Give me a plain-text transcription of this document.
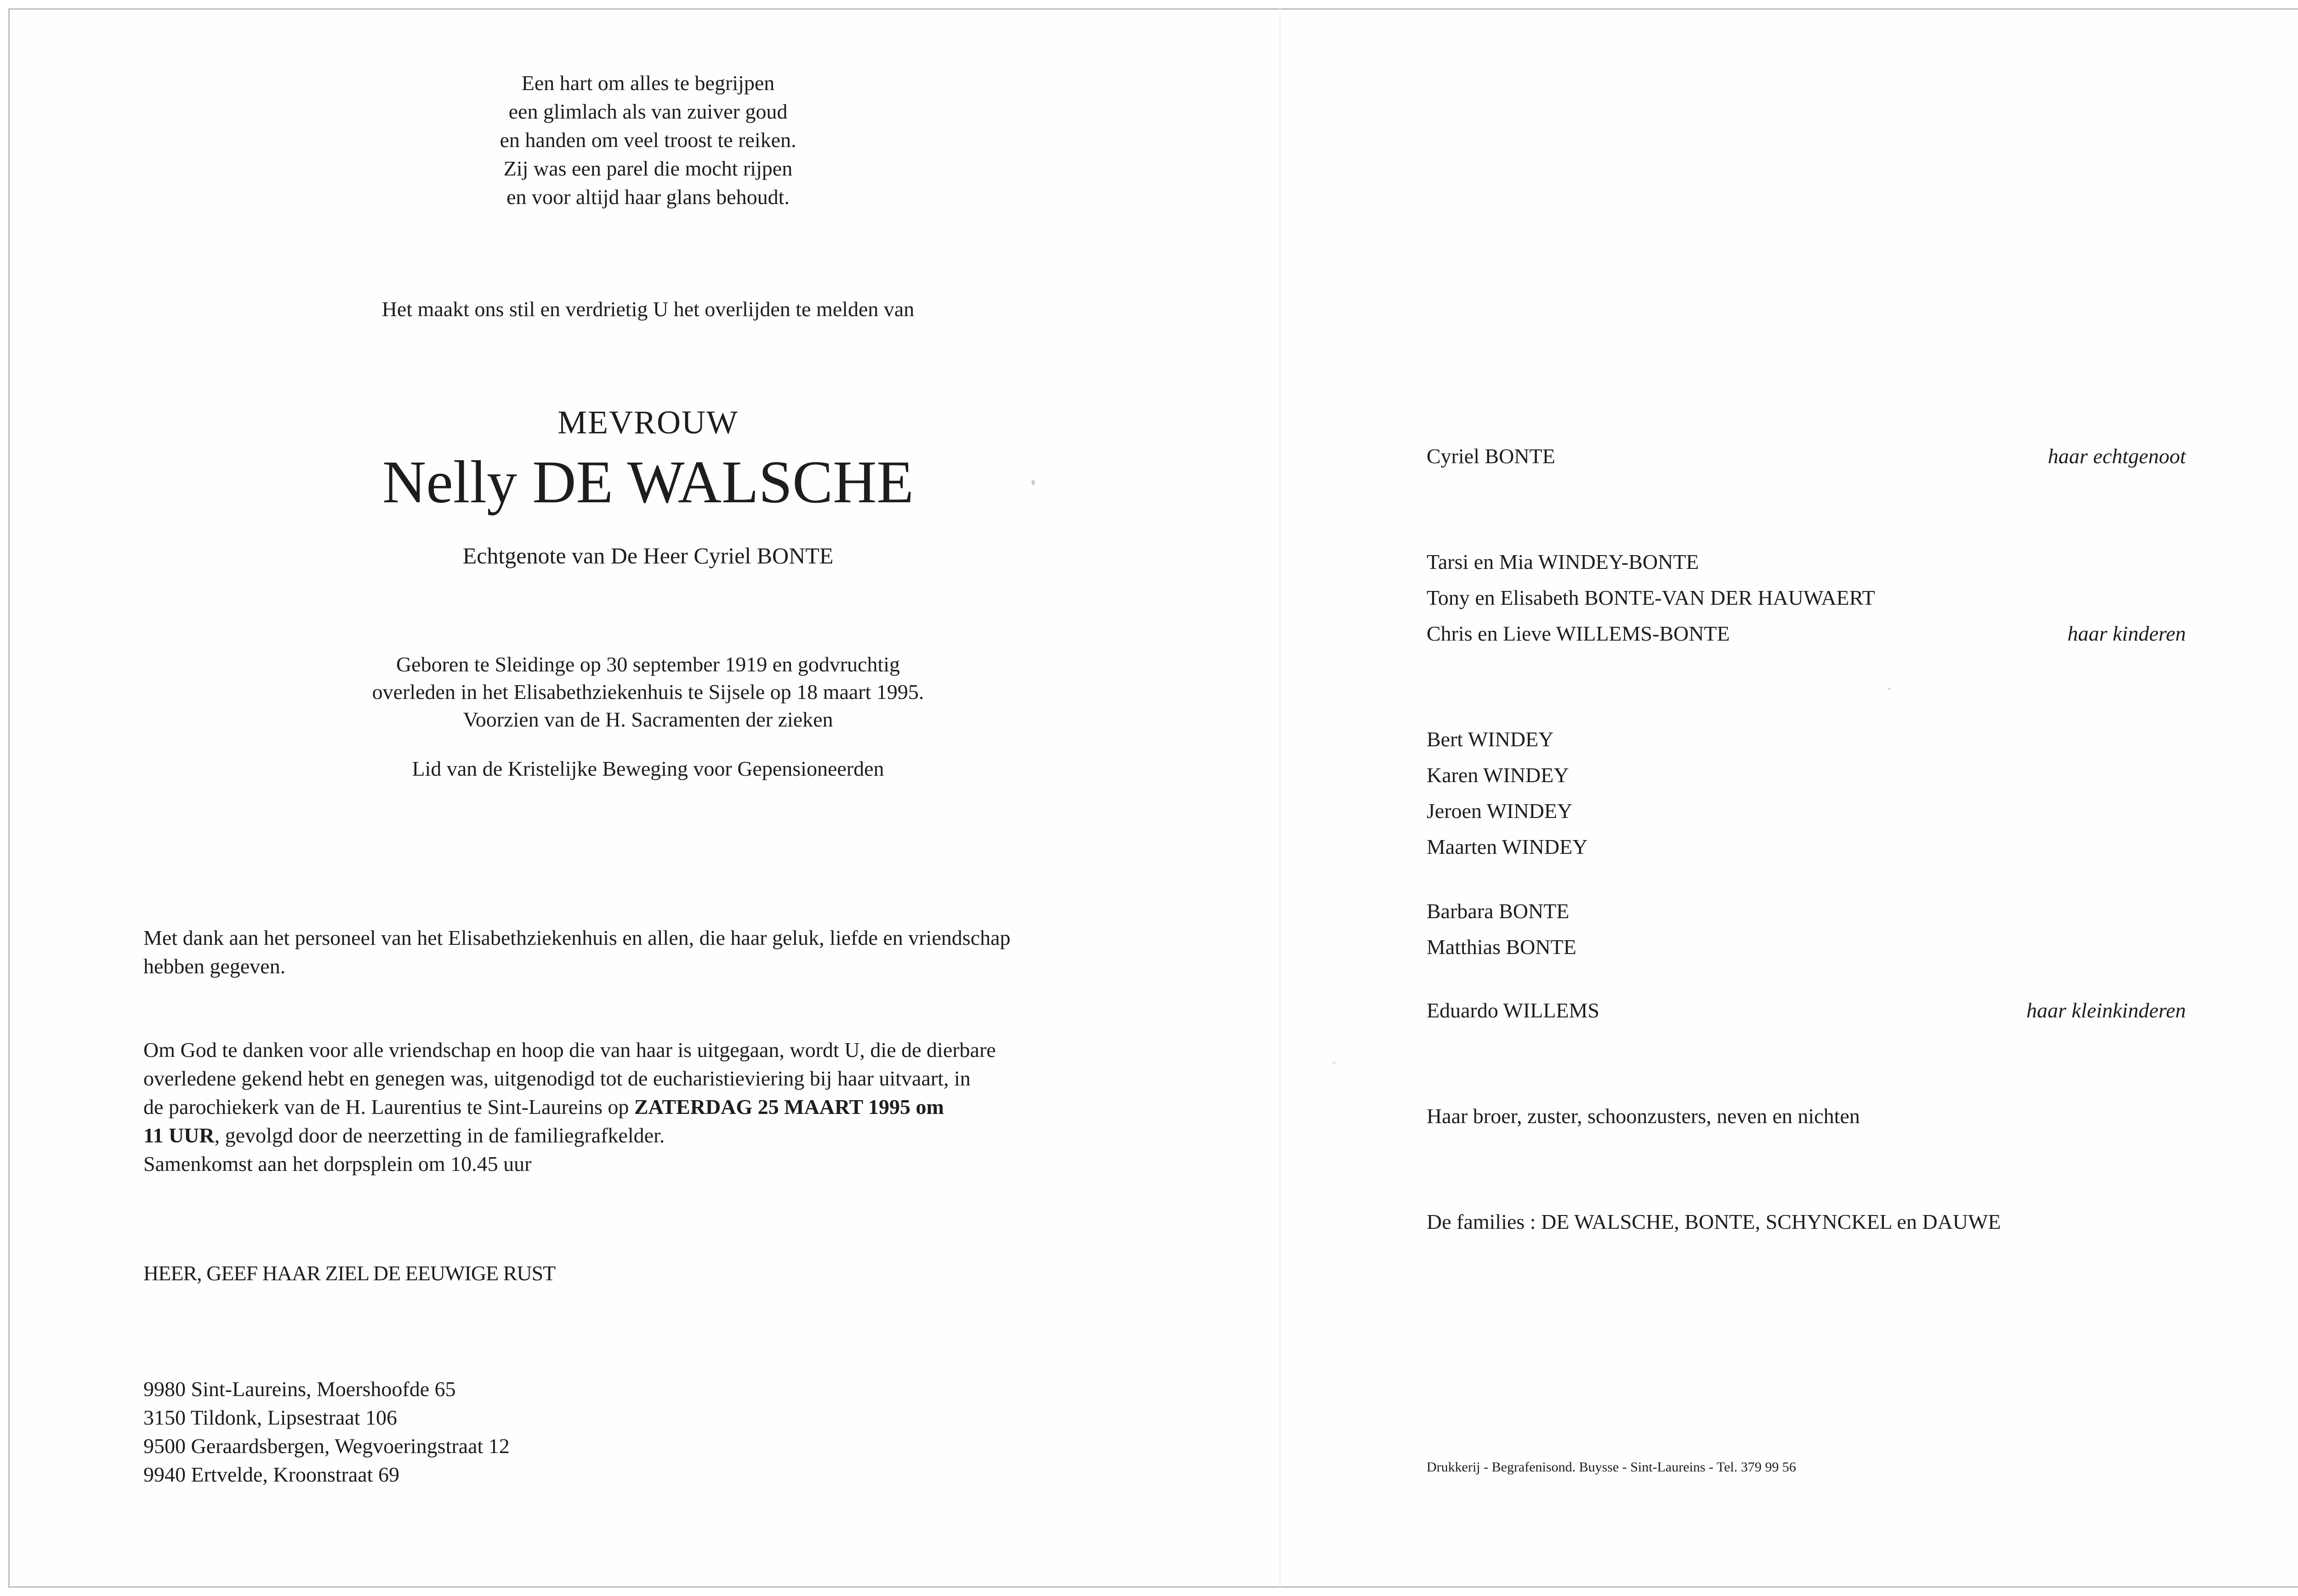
Een hart om alles te begrijpen
een glimlach als van zuiver goud
en handen om veel troost te reiken.
Zij was een parel die mocht rijpen
en voor altijd haar glans behoudt.
Het maakt ons stil en verdrietig U het overlijden te melden van
MEVROUW
Nelly DE WALSCHE
Echtgenote van De Heer Cyriel BONTE
Geboren te Sleidinge op 30 september 1919 en godvruchtig
overleden in het Elisabethziekenhuis te Sijsele op 18 maart 1995.
Voorzien van de H. Sacramenten der zieken
Lid van de Kristelijke Beweging voor Gepensioneerden
Met dank aan het personeel van het Elisabethziekenhuis en allen, die haar geluk, liefde en vriendschap
hebben gegeven.
Om God te danken voor alle vriendschap en hoop die van haar is uitgegaan, wordt U, die de dierbare
overledene gekend hebt en genegen was, uitgenodigd tot de eucharistieviering bij haar uitvaart, in
de parochiekerk van de H. Laurentius te Sint-Laureins op ZATERDAG 25 MAART 1995 om
11 UUR, gevolgd door de neerzetting in de familiegrafkelder.
Samenkomst aan het dorpsplein om 10.45 uur
HEER, GEEF HAAR ZIEL DE EEUWIGE RUST
9980 Sint-Laureins, Moershoofde 65
3150 Tildonk, Lipsestraat 106
9500 Geraardsbergen, Wegvoeringstraat 12
9940 Ertvelde, Kroonstraat 69
Cyriel BONTE	haar echtgenoot
Tarsi en Mia WINDEY-BONTE
Tony en Elisabeth BONTE-VAN DER HAUWAERT
Chris en Lieve WILLEMS-BONTE	haar kinderen
Bert WINDEY
Karen WINDEY
Jeroen WINDEY
Maarten WINDEY
Barbara BONTE
Matthias BONTE
Eduardo WILLEMS	haar kleinkinderen
Haar broer, zuster, schoonzusters, neven en nichten
De families : DE WALSCHE, BONTE, SCHYNCKEL en DAUWE
Drukkerij - Begrafenisond. Buysse - Sint-Laureins - Tel. 379 99 56
